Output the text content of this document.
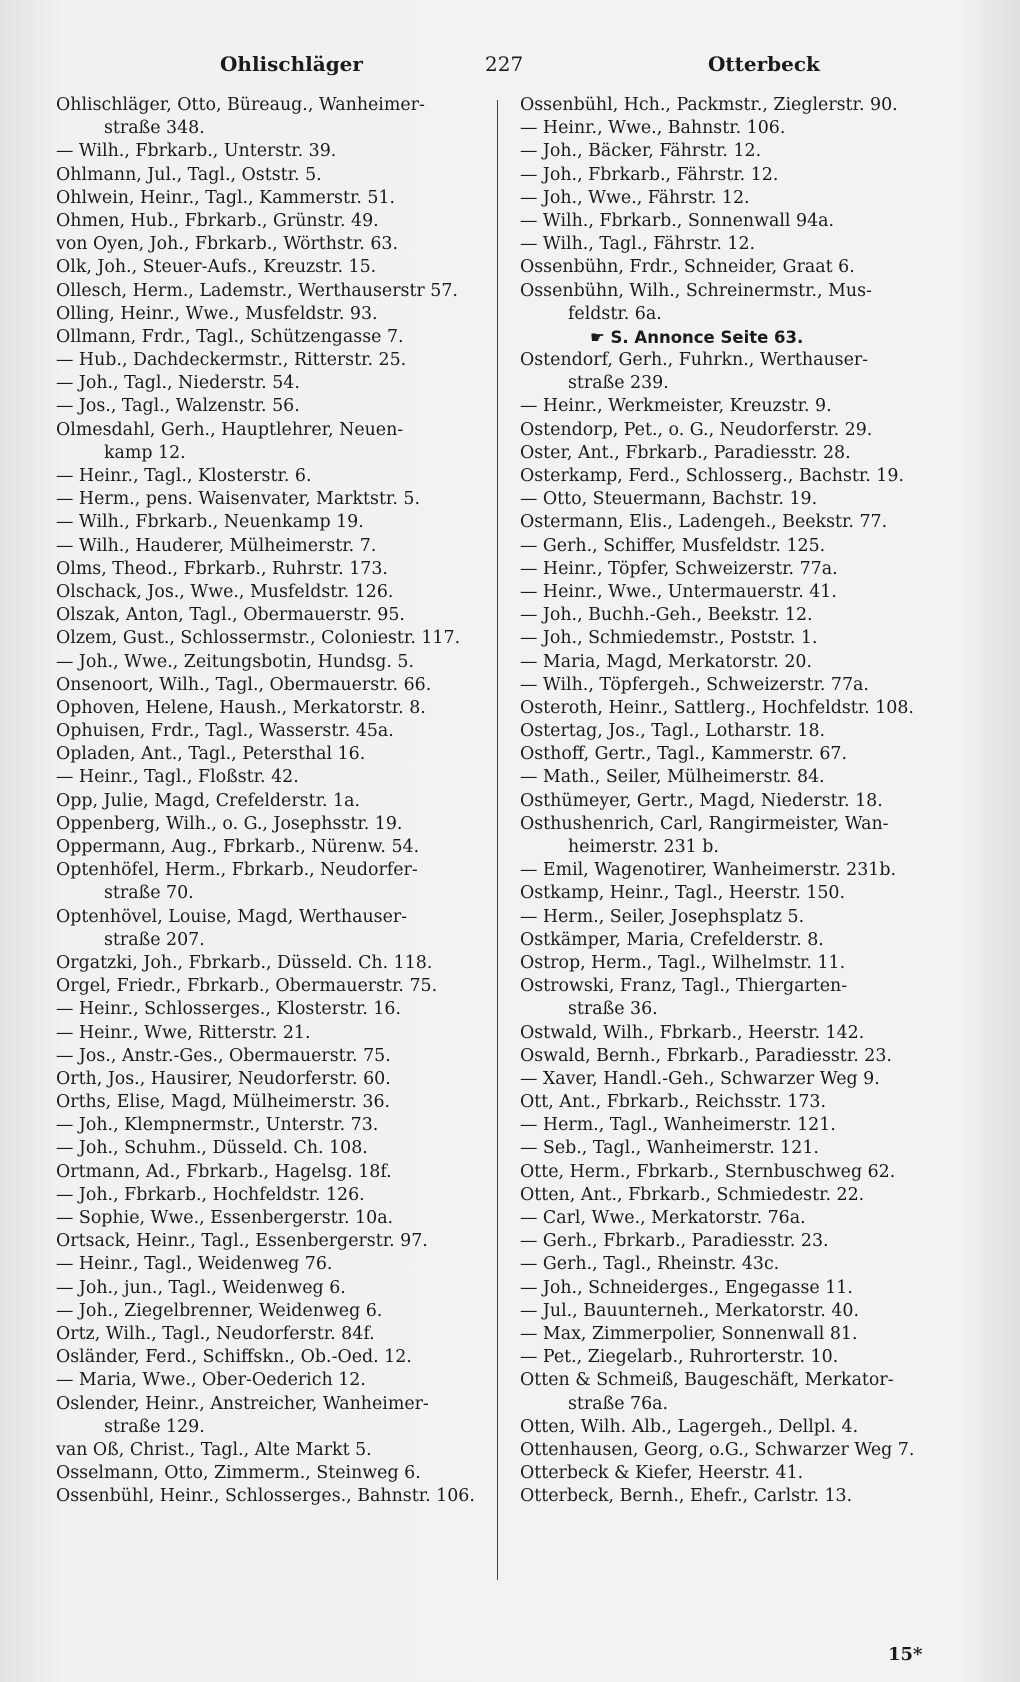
Ohlischläger	227	Otterbeck
Ohlischläger, Otto, Büreaug., Wanheimer-
straße 348.
— Wilh., Fbrkarb., Unterstr. 39.
Ohlmann, Jul., Tagl., Oststr. 5.
Ohlwein, Heinr., Tagl., Kammerstr. 51.
Ohmen, Hub., Fbrkarb., Grünstr. 49.
von Oyen, Joh., Fbrkarb., Wörthstr. 63.
Olk, Joh., Steuer-Aufs., Kreuzstr. 15.
Ollesch, Herm., Lademstr., Werthauserstr 57.
Olling, Heinr., Wwe., Musfeldstr. 93.
Ollmann, Frdr., Tagl., Schützengasse 7.
— Hub., Dachdeckermstr., Ritterstr. 25.
— Joh., Tagl., Niederstr. 54.
— Jos., Tagl., Walzenstr. 56.
Olmesdahl, Gerh., Hauptlehrer, Neuen-
kamp 12.
— Heinr., Tagl., Klosterstr. 6.
— Herm., pens. Waisenvater, Marktstr. 5.
— Wilh., Fbrkarb., Neuenkamp 19.
— Wilh., Hauderer, Mülheimerstr. 7.
Olms, Theod., Fbrkarb., Ruhrstr. 173.
Olschack, Jos., Wwe., Musfeldstr. 126.
Olszak, Anton, Tagl., Obermauerstr. 95.
Olzem, Gust., Schlossermstr., Coloniestr. 117.
— Joh., Wwe., Zeitungsbotin, Hundsg. 5.
Onsenoort, Wilh., Tagl., Obermauerstr. 66.
Ophoven, Helene, Haush., Merkatorstr. 8.
Ophuisen, Frdr., Tagl., Wasserstr. 45a.
Opladen, Ant., Tagl., Petersthal 16.
— Heinr., Tagl., Floßstr. 42.
Opp, Julie, Magd, Crefelderstr. 1a.
Oppenberg, Wilh., o. G., Josephsstr. 19.
Oppermann, Aug., Fbrkarb., Nürenw. 54.
Optenhöfel, Herm., Fbrkarb., Neudorfer-
straße 70.
Optenhövel, Louise, Magd, Werthauser-
straße 207.
Orgatzki, Joh., Fbrkarb., Düsseld. Ch. 118.
Orgel, Friedr., Fbrkarb., Obermauerstr. 75.
— Heinr., Schlosserges., Klosterstr. 16.
— Heinr., Wwe, Ritterstr. 21.
— Jos., Anstr.-Ges., Obermauerstr. 75.
Orth, Jos., Hausirer, Neudorferstr. 60.
Orths, Elise, Magd, Mülheimerstr. 36.
— Joh., Klempnermstr., Unterstr. 73.
— Joh., Schuhm., Düsseld. Ch. 108.
Ortmann, Ad., Fbrkarb., Hagelsg. 18f.
— Joh., Fbrkarb., Hochfeldstr. 126.
— Sophie, Wwe., Essenbergerstr. 10a.
Ortsack, Heinr., Tagl., Essenbergerstr. 97.
— Heinr., Tagl., Weidenweg 76.
— Joh., jun., Tagl., Weidenweg 6.
— Joh., Ziegelbrenner, Weidenweg 6.
Ortz, Wilh., Tagl., Neudorferstr. 84f.
Osländer, Ferd., Schiffskn., Ob.-Oed. 12.
— Maria, Wwe., Ober-Oederich 12.
Oslender, Heinr., Anstreicher, Wanheimer-
straße 129.
van Oß, Christ., Tagl., Alte Markt 5.
Osselmann, Otto, Zimmerm., Steinweg 6.
Ossenbühl, Heinr., Schlosserges., Bahnstr. 106.
Ossenbühl, Hch., Packmstr., Zieglerstr. 90.
— Heinr., Wwe., Bahnstr. 106.
— Joh., Bäcker, Fährstr. 12.
— Joh., Fbrkarb., Fährstr. 12.
— Joh., Wwe., Fährstr. 12.
— Wilh., Fbrkarb., Sonnenwall 94a.
— Wilh., Tagl., Fährstr. 12.
Ossenbühn, Frdr., Schneider, Graat 6.
Ossenbühn, Wilh., Schreinermstr., Mus-
feldstr. 6a.
☛ S. Annonce Seite 63.
Ostendorf, Gerh., Fuhrkn., Werthauser-
straße 239.
— Heinr., Werkmeister, Kreuzstr. 9.
Ostendorp, Pet., o. G., Neudorferstr. 29.
Oster, Ant., Fbrkarb., Paradiesstr. 28.
Osterkamp, Ferd., Schlosserg., Bachstr. 19.
— Otto, Steuermann, Bachstr. 19.
Ostermann, Elis., Ladengeh., Beekstr. 77.
— Gerh., Schiffer, Musfeldstr. 125.
— Heinr., Töpfer, Schweizerstr. 77a.
— Heinr., Wwe., Untermauerstr. 41.
— Joh., Buchh.-Geh., Beekstr. 12.
— Joh., Schmiedemstr., Poststr. 1.
— Maria, Magd, Merkatorstr. 20.
— Wilh., Töpfergeh., Schweizerstr. 77a.
Osteroth, Heinr., Sattlerg., Hochfeldstr. 108.
Ostertag, Jos., Tagl., Lotharstr. 18.
Osthoff, Gertr., Tagl., Kammerstr. 67.
— Math., Seiler, Mülheimerstr. 84.
Osthümeyer, Gertr., Magd, Niederstr. 18.
Osthushenrich, Carl, Rangirmeister, Wan-
heimerstr. 231 b.
— Emil, Wagenotirer, Wanheimerstr. 231b.
Ostkamp, Heinr., Tagl., Heerstr. 150.
— Herm., Seiler, Josephsplatz 5.
Ostkämper, Maria, Crefelderstr. 8.
Ostrop, Herm., Tagl., Wilhelmstr. 11.
Ostrowski, Franz, Tagl., Thiergarten-
straße 36.
Ostwald, Wilh., Fbrkarb., Heerstr. 142.
Oswald, Bernh., Fbrkarb., Paradiesstr. 23.
— Xaver, Handl.-Geh., Schwarzer Weg 9.
Ott, Ant., Fbrkarb., Reichsstr. 173.
— Herm., Tagl., Wanheimerstr. 121.
— Seb., Tagl., Wanheimerstr. 121.
Otte, Herm., Fbrkarb., Sternbuschweg 62.
Otten, Ant., Fbrkarb., Schmiedestr. 22.
— Carl, Wwe., Merkatorstr. 76a.
— Gerh., Fbrkarb., Paradiesstr. 23.
— Gerh., Tagl., Rheinstr. 43c.
— Joh., Schneiderges., Engegasse 11.
— Jul., Bauunterneh., Merkatorstr. 40.
— Max, Zimmerpolier, Sonnenwall 81.
— Pet., Ziegelarb., Ruhrorterstr. 10.
Otten & Schmeiß, Baugeschäft, Merkator-
straße 76a.
Otten, Wilh. Alb., Lagergeh., Dellpl. 4.
Ottenhausen, Georg, o.G., Schwarzer Weg 7.
Otterbeck & Kiefer, Heerstr. 41.
Otterbeck, Bernh., Ehefr., Carlstr. 13.
15*
